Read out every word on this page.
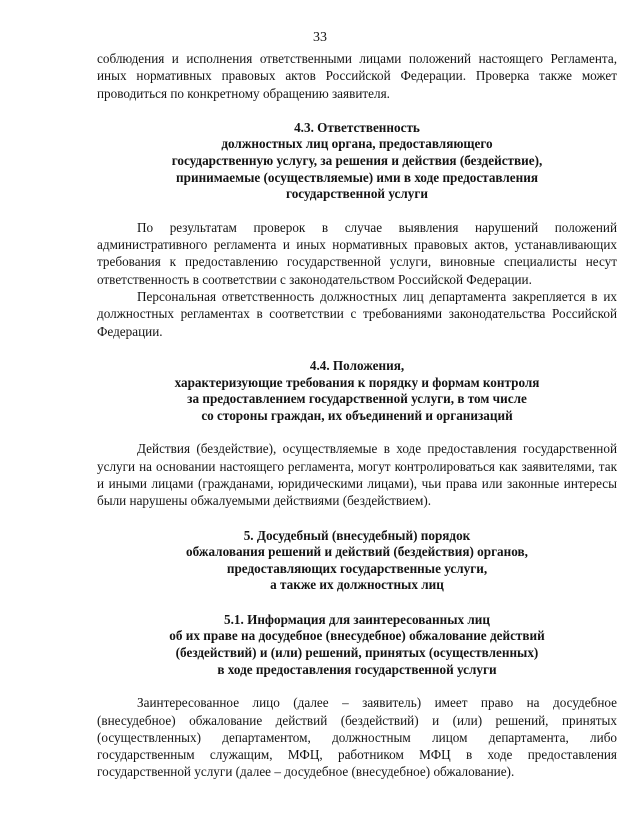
33

соблюдения и исполнения ответственными лицами положений настоящего Регламента, иных нормативных правовых актов Российской Федерации. Проверка также может проводиться по конкретному обращению заявителя.

4.3. Ответственность

должностных лиц органа, предоставляющего

государственную услугу, за решения и действия (бездействие),

принимаемые (осуществляемые) ими в ходе предоставления

государственной услуги

По результатам проверок в случае выявления нарушений положений административного регламента и иных нормативных правовых актов, устанавливающих требования к предоставлению государственной услуги, виновные специалисты несут ответственность в соответствии с законодательством Российской Федерации.

Персональная ответственность должностных лиц департамента закрепляется в их должностных регламентах в соответствии с требованиями законодательства Российской Федерации.

4.4. Положения,

характеризующие требования к порядку и формам контроля

за предоставлением государственной услуги, в том числе

со стороны граждан, их объединений и организаций

Действия (бездействие), осуществляемые в ходе предоставления государственной услуги на основании настоящего регламента, могут контролироваться как заявителями, так и иными лицами (гражданами, юридическими лицами), чьи права или законные интересы были нарушены обжалуемыми действиями (бездействием).

5. Досудебный (внесудебный) порядок

обжалования решений и действий (бездействия) органов,

предоставляющих государственные услуги,

а также их должностных лиц

5.1. Информация для заинтересованных лиц

об их праве на досудебное (внесудебное) обжалование действий

(бездействий) и (или) решений, принятых (осуществленных)

в ходе предоставления государственной услуги

Заинтересованное лицо (далее – заявитель) имеет право на досудебное (внесудебное) обжалование действий (бездействий) и (или) решений, принятых (осуществленных) департаментом, должностным лицом департамента, либо государственным служащим, МФЦ, работником МФЦ в ходе предоставления государственной услуги (далее – досудебное (внесудебное) обжалование).
